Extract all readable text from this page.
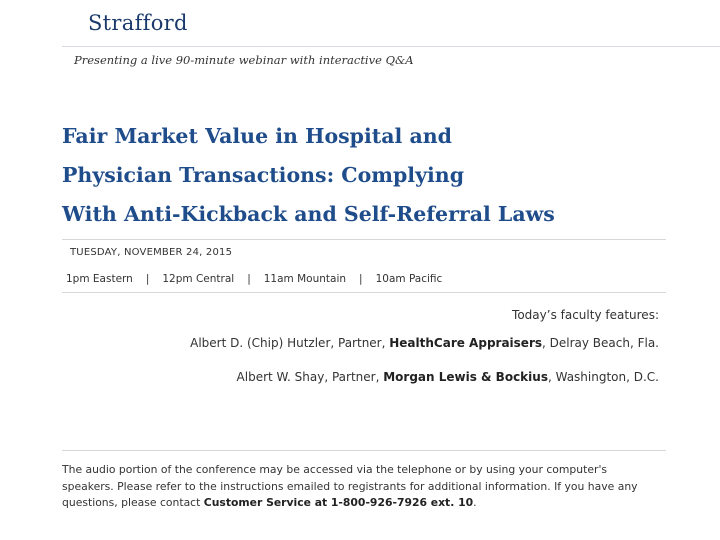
Strafford
Presenting a live 90-minute webinar with interactive Q&A
Fair Market Value in Hospital and
Physician Transactions: Complying
With Anti-Kickback and Self-Referral Laws
TUESDAY, NOVEMBER 24, 2015
1pm Eastern | 12pm Central | 11am Mountain | 10am Pacific
Today’s faculty features:
Albert D. (Chip) Hutzler, Partner, HealthCare Appraisers, Delray Beach, Fla.
Albert W. Shay, Partner, Morgan Lewis & Bockius, Washington, D.C.
The audio portion of the conference may be accessed via the telephone or by using your computer's speakers. Please refer to the instructions emailed to registrants for additional information. If you have any questions, please contact Customer Service at 1-800-926-7926 ext. 10.
